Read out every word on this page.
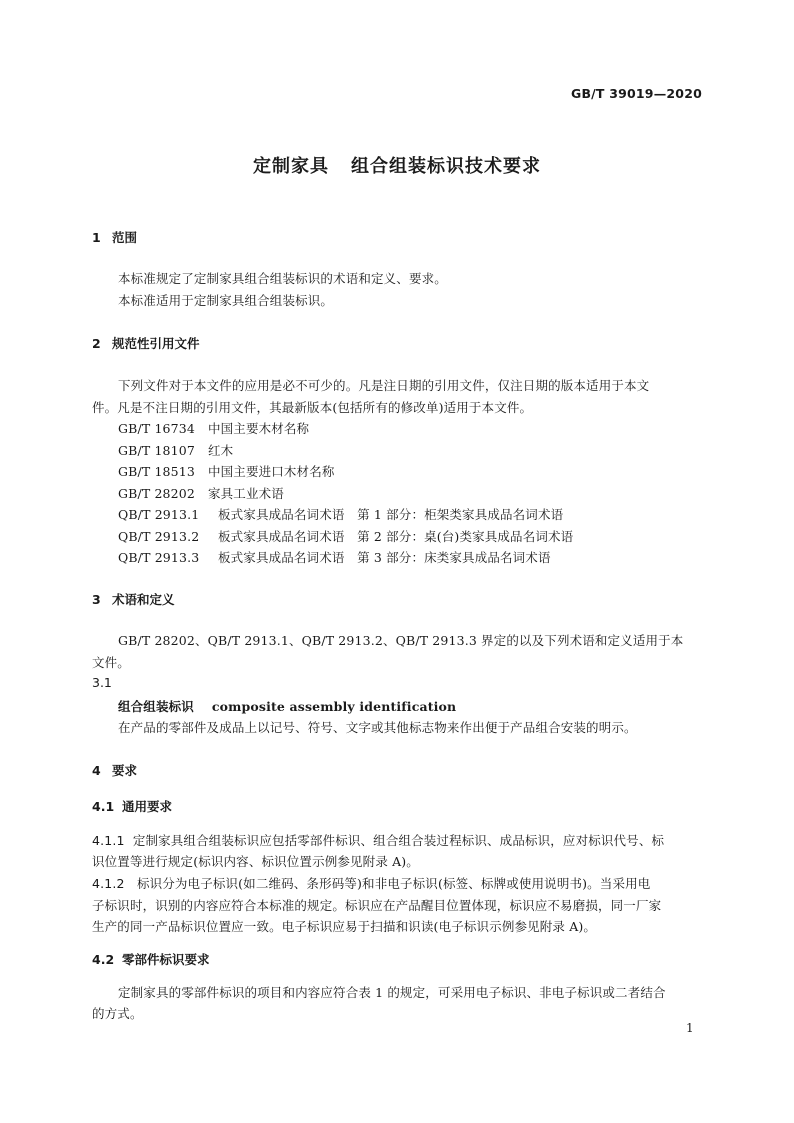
GB/T 39019—2020
定制家具 组合组装标识技术要求
1 范围
本标准规定了定制家具组合组装标识的术语和定义、要求。
本标准适用于定制家具组合组装标识。
2 规范性引用文件
下列文件对于本文件的应用是必不可少的。凡是注日期的引用文件，仅注日期的版本适用于本文
件。凡是不注日期的引用文件，其最新版本(包括所有的修改单)适用于本文件。
GB/T 16734 中国主要木材名称
GB/T 18107 红木
GB/T 18513 中国主要进口木材名称
GB/T 28202 家具工业术语
QB/T 2913.1 板式家具成品名词术语　第 1 部分：柜架类家具成品名词术语
QB/T 2913.2 板式家具成品名词术语　第 2 部分：桌(台)类家具成品名词术语
QB/T 2913.3 板式家具成品名词术语　第 3 部分：床类家具成品名词术语
3 术语和定义
GB/T 28202、QB/T 2913.1、QB/T 2913.2、QB/T 2913.3 界定的以及下列术语和定义适用于本
文件。
3.1
组合组装标识 composite assembly identification
在产品的零部件及成品上以记号、符号、文字或其他标志物来作出便于产品组合安装的明示。
4 要求
4.1 通用要求
4.1.1 定制家具组合组装标识应包括零部件标识、组合组合装过程标识、成品标识，应对标识代号、标
识位置等进行规定(标识内容、标识位置示例参见附录 A)。
4.1.2 标识分为电子标识(如二维码、条形码等)和非电子标识(标签、标牌或使用说明书)。当采用电
子标识时，识别的内容应符合本标准的规定。标识应在产品醒目位置体现，标识应不易磨损，同一厂家
生产的同一产品标识位置应一致。电子标识应易于扫描和识读(电子标识示例参见附录 A)。
4.2 零部件标识要求
定制家具的零部件标识的项目和内容应符合表 1 的规定，可采用电子标识、非电子标识或二者结合
的方式。
1
